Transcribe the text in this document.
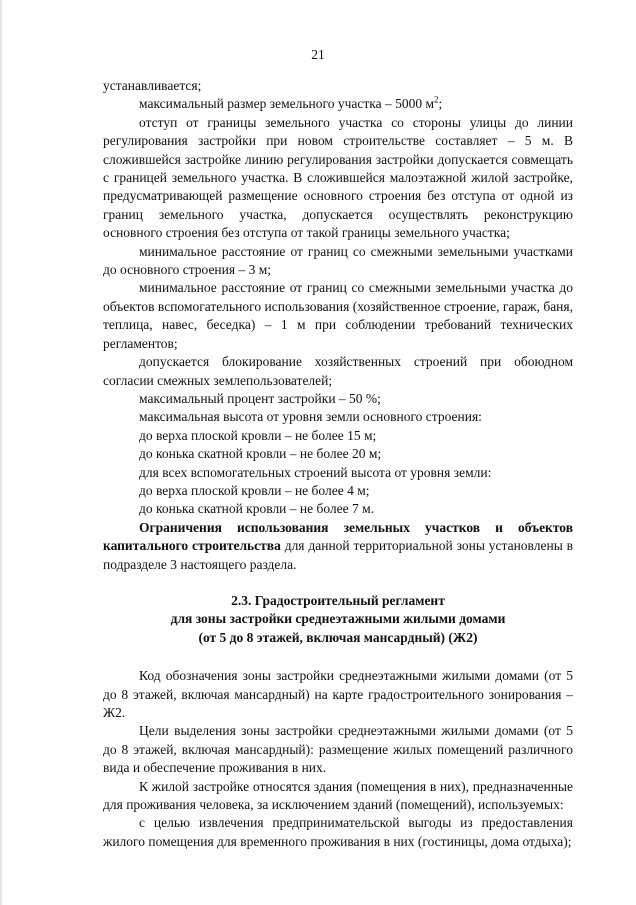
21

устанавливается;

максимальный размер земельного участка – 5000 $м^2$;

отступ от границы земельного участка со стороны улицы до линии регулирования застройки при новом строительстве составляет – 5 м. В сложившейся застройке линию регулирования застройки допускается совмещать с границей земельного участка. В сложившейся малоэтажной жилой застройке, предусматривающей размещение основного строения без отступа от одной из границ земельного участка, допускается осуществлять реконструкцию основного строения без отступа от такой границы земельного участка;

минимальное расстояние от границ со смежными земельными участками до основного строения – 3 м;

минимальное расстояние от границ со смежными земельными участка до объектов вспомогательного использования (хозяйственное строение, гараж, баня, теплица, навес, беседка) – 1 м при соблюдении требований технических регламентов;

допускается блокирование хозяйственных строений при обоюдном согласии смежных землепользователей;

максимальный процент застройки – 50 %;

максимальная высота от уровня земли основного строения:

до верха плоской кровли – не более 15 м;

до конька скатной кровли – не более 20 м;

для всех вспомогательных строений высота от уровня земли:

до верха плоской кровли – не более 4 м;

до конька скатной кровли – не более 7 м.

Ограничения использования земельных участков и объектов капитального строительства для данной территориальной зоны установлены в подразделе 3 настоящего раздела.

2.3. Градостроительный регламент

для зоны застройки среднеэтажными жилыми домами

(от 5 до 8 этажей, включая мансардный) (Ж2)

Код обозначения зоны застройки среднеэтажными жилыми домами (от 5 до 8 этажей, включая мансардный) на карте градостроительного зонирования – Ж2.

Цели выделения зоны застройки среднеэтажными жилыми домами (от 5 до 8 этажей, включая мансардный): размещение жилых помещений различного вида и обеспечение проживания в них.

К жилой застройке относятся здания (помещения в них), предназначенные для проживания человека, за исключением зданий (помещений), используемых:

с целью извлечения предпринимательской выгоды из предоставления жилого помещения для временного проживания в них (гостиницы, дома отдыха);
